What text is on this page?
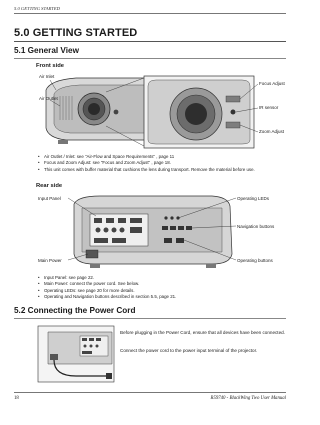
5.0 GETTING STARTED
5.0 GETTING STARTED
5.1 General View
Front side
Air Inlet
Air Outlet
Focus Adjust
IR sensor
Zoom Adjust
• Air Outlet / Inlet: see "Air-Flow and Space Requirements" , page 11
• Focus and Zoom Adjust: see "Focus and Zoom Adjust" , page 18.
• This unit comes with buffer material that cushions the lens during transport. Remove the material before use.
Rear side
Input Panel	Operating LEDs
Navigation buttons
Main Power	Operating buttons
• Input Panel: see page 22.
• Main Power: connect the power cord. See below.
• Operating LEDs: see page 20 for more details.
• Operating and Navigation buttons described in section 5.5, page 21.
5.2 Connecting the Power Cord
Before plugging in the Power Cord, ensure that all devices have been connected.
Connect the power cord to the power input terminal of the projector.
18	R59740 - BlackWing Two User Manual
